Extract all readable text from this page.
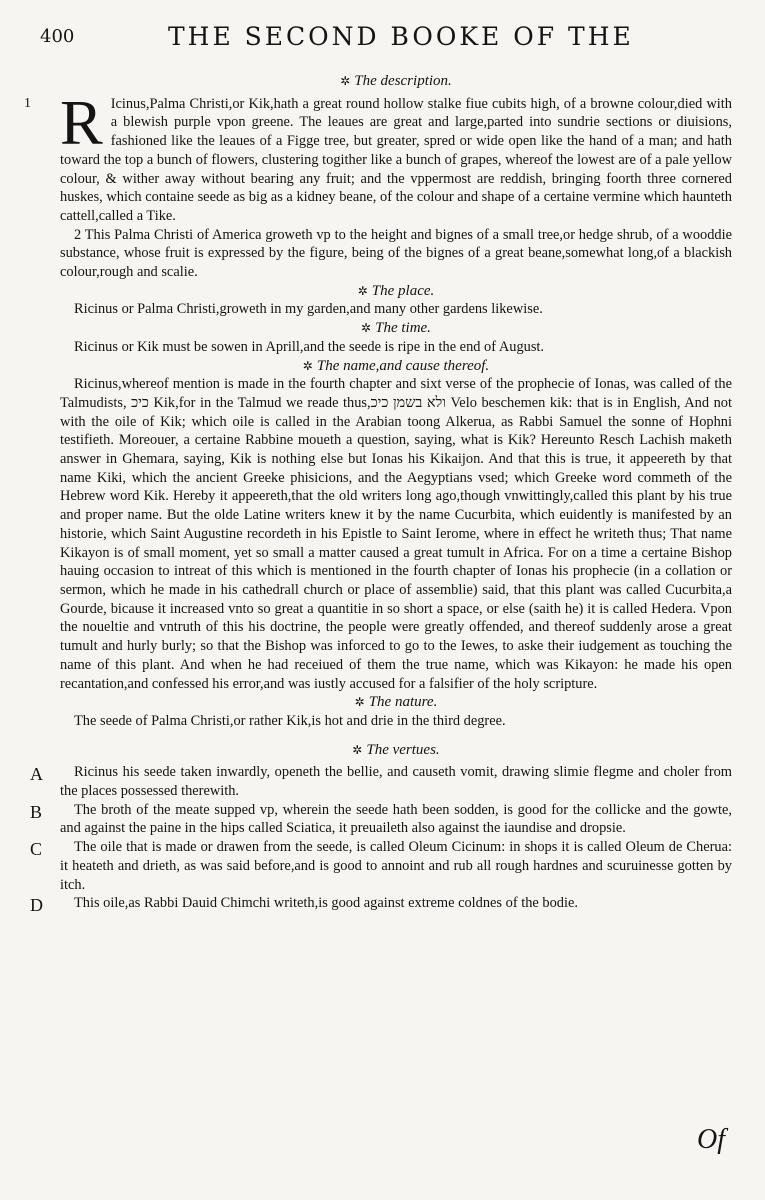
400	THE SECOND BOOKE OF THE

✲ The description.

1 R Icinus,Palma Christi,or Kik,hath a great round hollow stalke fiue cubits high, of a browne colour,died with a blewish purple vpon greene. The leaues are great and large,parted into sundrie sections or diuisions, fashioned like the leaues of a Figge tree, but greater, spred or wide open like the hand of a man; and hath toward the top a bunch of flowers, clustering togither like a bunch of grapes, whereof the lowest are of a pale yellow colour, & wither away without bearing any fruit; and the vppermost are reddish, bringing foorth three cornered huskes, which containe seede as big as a kidney beane, of the colour and shape of a certaine vermine which haunteth cattell,called a Tike.

2 This Palma Christi of America groweth vp to the height and bignes of a small tree,or hedge shrub, of a wooddie substance, whose fruit is expressed by the figure, being of the bignes of a great beane,somewhat long,of a blackish colour,rough and scalie.

✲ The place.

Ricinus or Palma Christi,groweth in my garden,and many other gardens likewise.

✲ The time.

Ricinus or Kik must be sowen in Aprill,and the seede is ripe in the end of August.

✲ The name,and cause thereof.

Ricinus,whereof mention is made in the fourth chapter and sixt verse of the prophecie of Ionas, was called of the Talmudists, כיכ Kik,for in the Talmud we reade thus,ולא בשמן כיכ Velo beschemen kik: that is in English, And not with the oile of Kik; which oile is called in the Arabian toong Alkerua, as Rabbi Samuel the sonne of Hophni testifieth. Moreouer, a certaine Rabbine moueth a question, saying, what is Kik? Hereunto Resch Lachish maketh answer in Ghemara, saying, Kik is nothing else but Ionas his Kikaijon. And that this is true, it appeereth by that name Kiki, which the ancient Greeke phisicions, and the Aegyptians vsed; which Greeke word commeth of the Hebrew word Kik. Hereby it appeereth,that the old writers long ago,though vnwittingly,called this plant by his true and proper name. But the olde Latine writers knew it by the name Cucurbita, which euidently is manifested by an historie, which Saint Augustine recordeth in his Epistle to Saint Ierome, where in effect he writeth thus; That name Kikayon is of small moment, yet so small a matter caused a great tumult in Africa. For on a time a certaine Bishop hauing occasion to intreat of this which is mentioned in the fourth chapter of Ionas his prophecie (in a collation or sermon, which he made in his cathedrall church or place of assemblie) said, that this plant was called Cucurbita,a Gourde, bicause it increased vnto so great a quantitie in so short a space, or else (saith he) it is called Hedera. Vpon the noueltie and vntruth of this his doctrine, the people were greatly offended, and thereof suddenly arose a great tumult and hurly burly; so that the Bishop was inforced to go to the Iewes, to aske their iudgement as touching the name of this plant. And when he had receiued of them the true name, which was Kikayon: he made his open recantation,and confessed his error,and was iustly accused for a falsifier of the holy scripture.

✲ The nature.

The seede of Palma Christi,or rather Kik,is hot and drie in the third degree.

✲ The vertues.

A Ricinus his seede taken inwardly, openeth the bellie, and causeth vomit, drawing slimie flegme and choler from the places possessed therewith.

B The broth of the meate supped vp, wherein the seede hath been sodden, is good for the collicke and the gowte, and against the paine in the hips called Sciatica, it preuaileth also against the iaundise and dropsie.

C The oile that is made or drawen from the seede, is called Oleum Cicinum: in shops it is called Oleum de Cherua: it heateth and drieth, as was said before,and is good to annoint and rub all rough hardnes and scuruinesse gotten by itch.

D This oile,as Rabbi Dauid Chimchi writeth,is good against extreme coldnes of the bodie.

Of
